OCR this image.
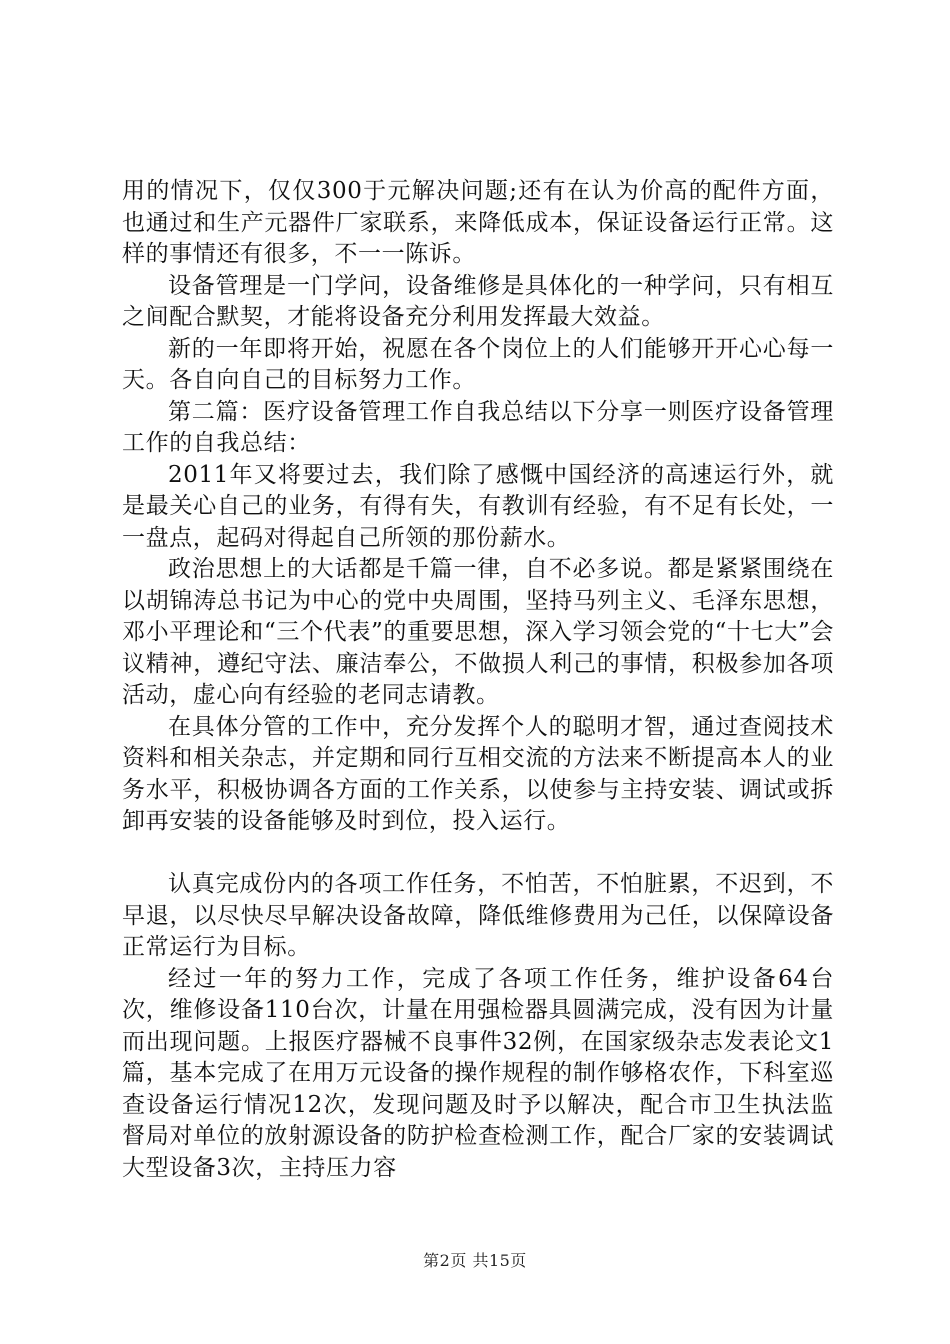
用的情况下，仅仅300于元解决问题;还有在认为价高的配件方面，也通过和生产元器件厂家联系，来降低成本，保证设备运行正常。这样的事情还有很多，不一一陈诉。

设备管理是一门学问，设备维修是具体化的一种学问，只有相互之间配合默契，才能将设备充分利用发挥最大效益。

新的一年即将开始，祝愿在各个岗位上的人们能够开开心心每一天。各自向自己的目标努力工作。

第二篇：医疗设备管理工作自我总结以下分享一则医疗设备管理工作的自我总结：

2011年又将要过去，我们除了感慨中国经济的高速运行外，就是最关心自己的业务，有得有失，有教训有经验，有不足有长处，一一盘点，起码对得起自己所领的那份薪水。

政治思想上的大话都是千篇一律，自不必多说。都是紧紧围绕在以胡锦涛总书记为中心的党中央周围，坚持马列主义、毛泽东思想，邓小平理论和“三个代表”的重要思想，深入学习领会党的“十七大”会议精神，遵纪守法、廉洁奉公，不做损人利己的事情，积极参加各项活动，虚心向有经验的老同志请教。

在具体分管的工作中，充分发挥个人的聪明才智，通过查阅技术资料和相关杂志，并定期和同行互相交流的方法来不断提高本人的业务水平，积极协调各方面的工作关系，以使参与主持安装、调试或拆卸再安装的设备能够及时到位，投入运行。

认真完成份内的各项工作任务，不怕苦，不怕脏累，不迟到，不早退，以尽快尽早解决设备故障，降低维修费用为己任，以保障设备正常运行为目标。

经过一年的努力工作，完成了各项工作任务，维护设备64台次，维修设备110台次，计量在用强检器具圆满完成，没有因为计量而出现问题。上报医疗器械不良事件32例，在国家级杂志发表论文1篇，基本完成了在用万元设备的操作规程的制作够格农作，下科室巡查设备运行情况12次，发现问题及时予以解决，配合市卫生执法监督局对单位的放射源设备的防护检查检测工作，配合厂家的安装调试大型设备3次，主持压力容

第2页 共15页
